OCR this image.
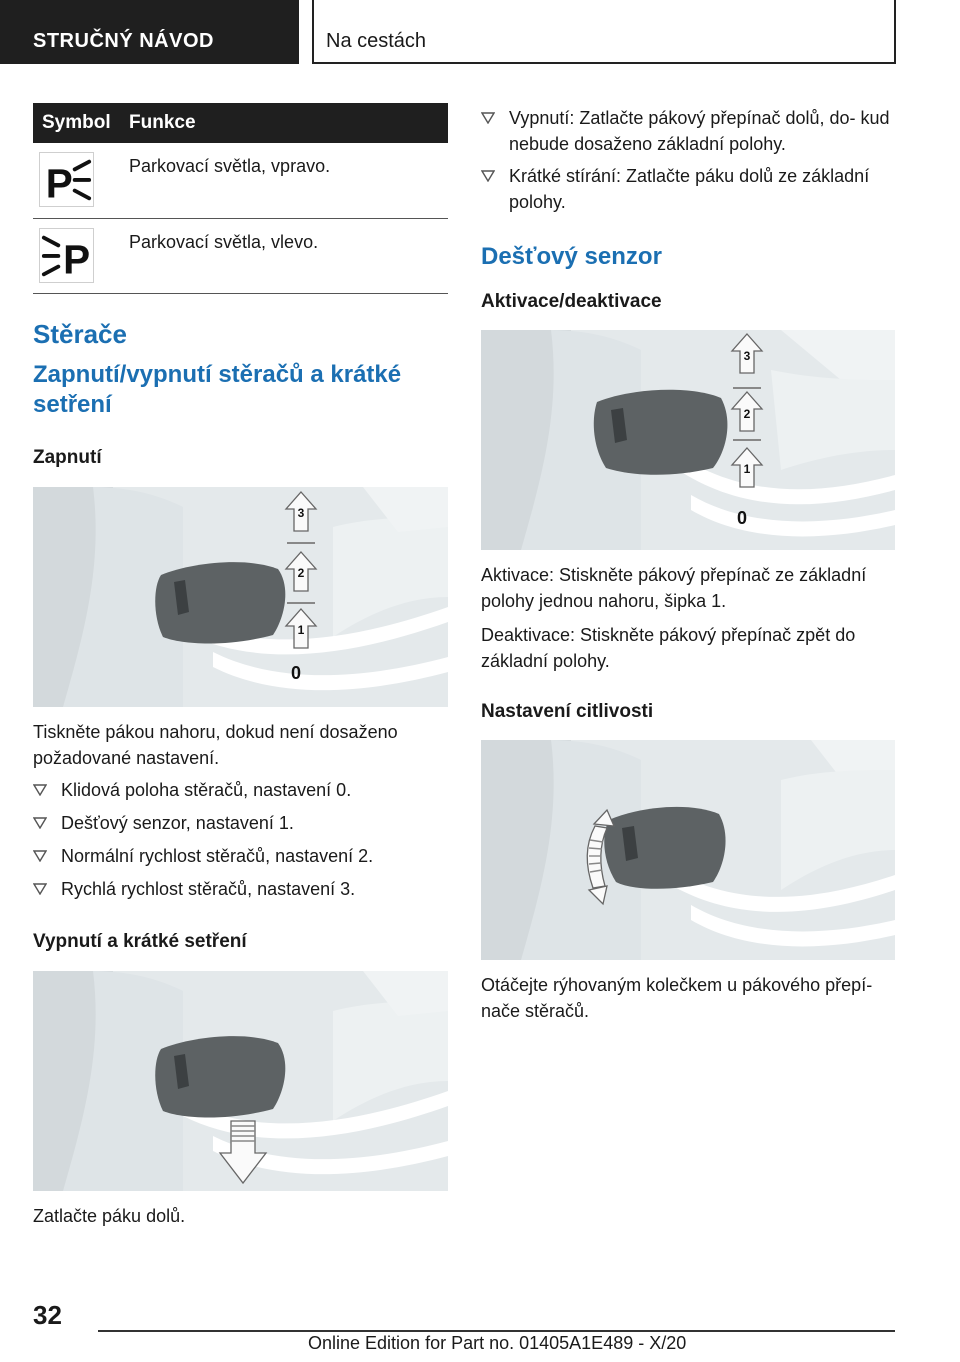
STRUČNÝ NÁVOD	Na cestách
Symbol	Funkce

P	Parkovací světla, vpravo.

P	Parkovací světla, vlevo.
Stěrače
Zapnutí/vypnutí stěračů a krátké setření
Zapnutí
3
2
1
0

Tiskněte pákou nahoru, dokud není dosaženo požadované nastavení.

Klidová poloha stěračů, nastavení 0.
Dešťový senzor, nastavení 1.
Normální rychlost stěračů, nastavení 2.
Rychlá rychlost stěračů, nastavení 3.
Vypnutí a krátké setření

Zatlačte páku dolů.

Vypnutí: Zatlačte pákový přepínač dolů, do- kud nebude dosaženo základní polohy.
Krátké stírání: Zatlačte páku dolů ze základní polohy.
Dešťový senzor
Aktivace/deaktivace
3
2
1
0

Aktivace: Stiskněte pákový přepínač ze základní polohy jednou nahoru, šipka 1.

Deaktivace: Stiskněte pákový přepínač zpět do základní polohy.

Nastavení citlivosti

Otáčejte rýhovaným kolečkem u pákového přepí- nače stěračů.

32
Online Edition for Part no. 01405A1E489 - X/20
